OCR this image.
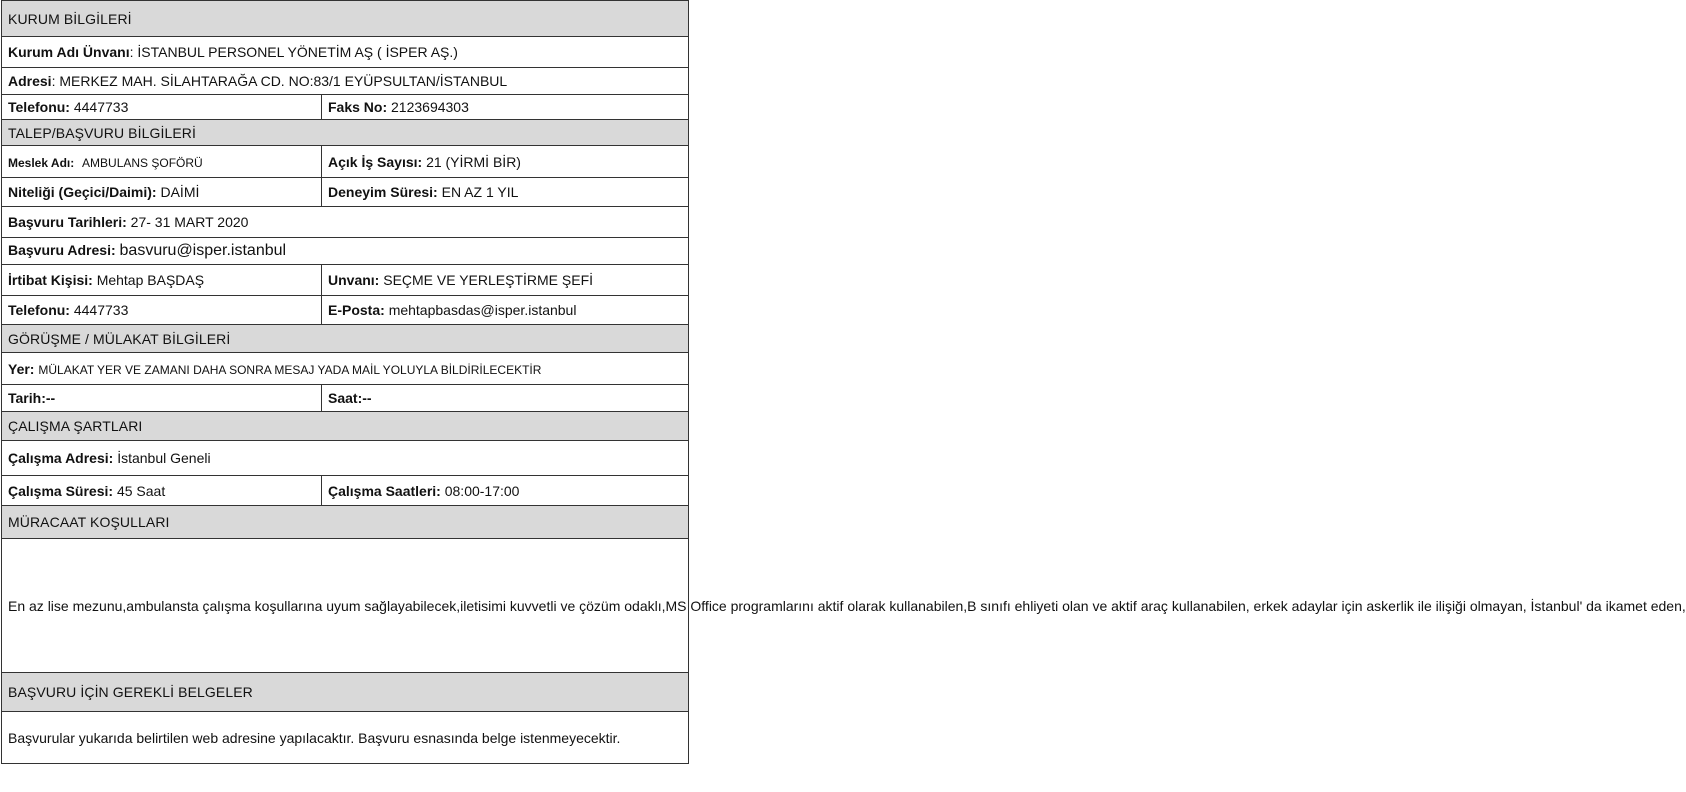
KURUM BİLGİLERİ	
Kurum Adı Ünvanı: İSTANBUL PERSONEL YÖNETİM AŞ ( İSPER AŞ.)	
Adresi: MERKEZ MAH. SİLAHTARAĞA CD. NO:83/1 EYÜPSULTAN/İSTANBUL	
Telefonu: 4447733	Faks No: 2123694303
TALEP/BAŞVURU BİLGİLERİ	
Meslek Adı: AMBULANS ŞOFÖRÜ	Açık İş Sayısı: 21 (YİRMİ BİR)
Niteliği (Geçici/Daimi): DAİMİ	Deneyim Süresi: EN AZ 1 YIL
Başvuru Tarihleri: 27- 31 MART 2020	
Başvuru Adresi: basvuru@isper.istanbul	
İrtibat Kişisi: Mehtap BAŞDAŞ	Unvanı: SEÇME VE YERLEŞTİRME ŞEFİ
Telefonu: 4447733	E-Posta: mehtapbasdas@isper.istanbul
GÖRÜŞME / MÜLAKAT BİLGİLERİ	
Yer: MÜLAKAT YER VE ZAMANI DAHA SONRA MESAJ YADA MAİL YOLUYLA BİLDİRİLECEKTİR	
Tarih:--	Saat:--
ÇALIŞMA ŞARTLARI	
Çalışma Adresi: İstanbul Geneli	
Çalışma Süresi: 45 Saat	Çalışma Saatleri: 08:00-17:00
MÜRACAAT KOŞULLARI	
En az lise mezunu,ambulansta çalışma koşullarına uyum sağlayabilecek,iletisimi kuvvetli ve çözüm odaklı,MS Office programlarını aktif olarak kullanabilen,B sınıfı ehliyeti olan ve aktif araç kullanabilen, erkek adaylar için askerlik ile ilişiği olmayan, İstanbul' da ikamet eden,	
BAŞVURU İÇİN GEREKLİ BELGELER	
Başvurular yukarıda belirtilen web adresine yapılacaktır. Başvuru esnasında belge istenmeyecektir.	
